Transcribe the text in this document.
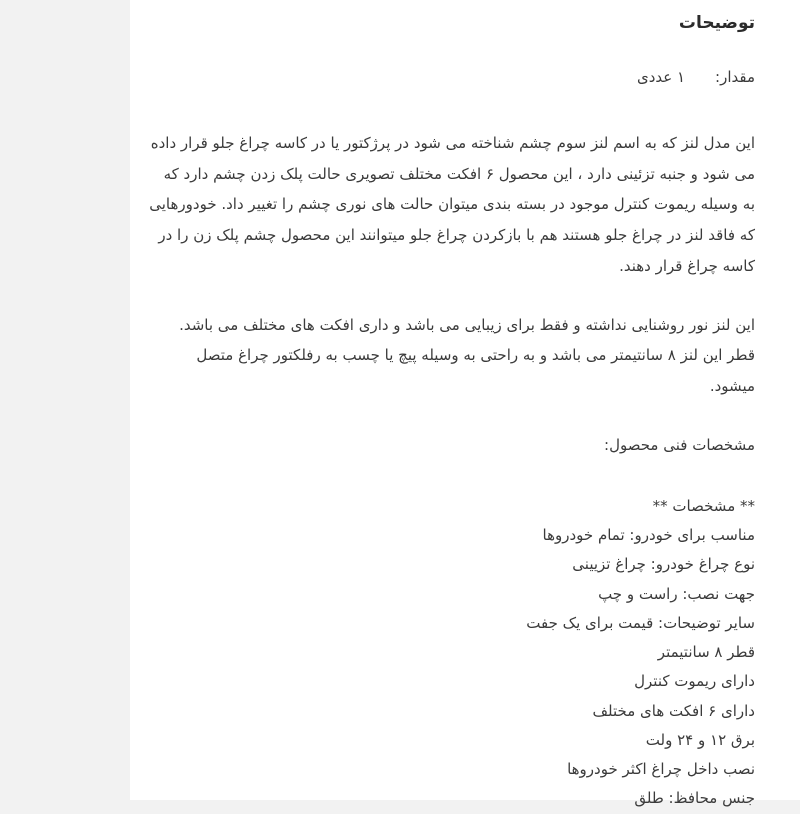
توضیحات
مقدار:
۱ عددی

این مدل لنز که به اسم لنز سوم چشم شناخته می شود در پرژکتور یا در کاسه چراغ جلو قرار داده می شود و جنبه تزئینی دارد ، این محصول ۶ افکت مختلف تصویری حالت پلک زدن چشم دارد که به وسیله ریموت کنترل موجود در بسته بندی میتوان حالت های نوری چشم را تغییر داد. خودورهایی که فاقد لنز در چراغ جلو هستند هم با بازکردن چراغ جلو میتوانند این محصول چشم پلک زن را در کاسه چراغ قرار دهند.

این لنز نور روشنایی نداشته و فقط برای زیبایی می باشد و داری افکت های مختلف می باشد. قطر این لنز ۸ سانتیمتر می باشد و به راحتی به وسیله پیچ یا چسب به رفلکتور چراغ متصل میشود.

مشخصات فنی محصول:

** مشخصات **
مناسب برای خودرو: تمام خودروها
نوع چراغ خودرو: چراغ تزیینی
جهت نصب: راست و چپ
سایر توضیحات: قیمت برای یک جفت
قطر ۸ سانتیمتر
دارای ریموت کنترل
دارای ۶ افکت های مختلف
برق ۱۲ و ۲۴ ولت
نصب داخل چراغ اکثر خودروها
جنس محافظ: طلق
